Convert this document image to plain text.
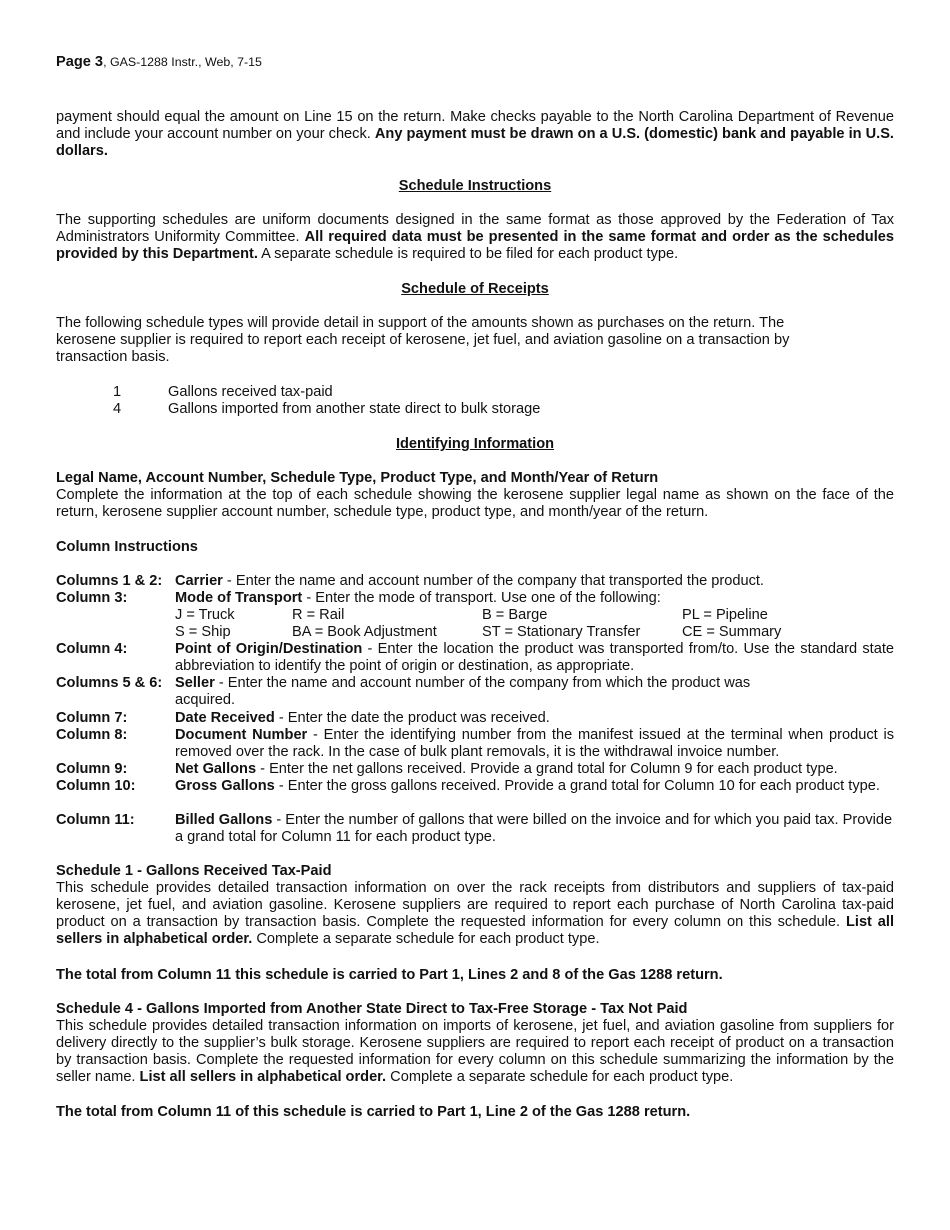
Page 3, GAS-1288 Instr., Web, 7-15
payment should equal the amount on Line 15 on the return. Make checks payable to the North Carolina Department of Revenue and include your account number on your check. Any payment must be drawn on a U.S. (domestic) bank and payable in U.S. dollars.
Schedule Instructions
The supporting schedules are uniform documents designed in the same format as those approved by the Federation of Tax Administrators Uniformity Committee. All required data must be presented in the same format and order as the schedules provided by this Department. A separate schedule is required to be filed for each product type.
Schedule of Receipts
The following schedule types will provide detail in support of the amounts shown as purchases on the return. The kerosene supplier is required to report each receipt of kerosene, jet fuel, and aviation gasoline on a transaction by transaction basis.
1	Gallons received tax-paid
4	Gallons imported from another state direct to bulk storage
Identifying Information
Legal Name, Account Number, Schedule Type, Product Type, and Month/Year of Return
Complete the information at the top of each schedule showing the kerosene supplier legal name as shown on the face of the return, kerosene supplier account number, schedule type, product type, and month/year of the return.
Column Instructions
Columns 1 & 2: Carrier - Enter the name and account number of the company that transported the product.
Column 3:	Mode of Transport - Enter the mode of transport. Use one of the following:
J = Truck	R = Rail	B = Barge	PL = Pipeline
S = Ship	BA = Book Adjustment	ST = Stationary Transfer	CE = Summary
Column 4:	Point of Origin/Destination - Enter the location the product was transported from/to. Use the standard state abbreviation to identify the point of origin or destination, as appropriate.
Columns 5 & 6: Seller - Enter the name and account number of the company from which the product was acquired.
Column 7:	Date Received - Enter the date the product was received.
Column 8:	Document Number - Enter the identifying number from the manifest issued at the terminal when product is removed over the rack. In the case of bulk plant removals, it is the withdrawal invoice number.
Column 9:	Net Gallons - Enter the net gallons received. Provide a grand total for Column 9 for each product type.
Column 10:	Gross Gallons - Enter the gross gallons received. Provide a grand total for Column 10 for each product type.
Column 11:	Billed Gallons - Enter the number of gallons that were billed on the invoice and for which you paid tax. Provide a grand total for Column 11 for each product type.
Schedule 1 - Gallons Received Tax-Paid
This schedule provides detailed transaction information on over the rack receipts from distributors and suppliers of tax-paid kerosene, jet fuel, and aviation gasoline. Kerosene suppliers are required to report each purchase of North Carolina tax-paid product on a transaction by transaction basis. Complete the requested information for every column on this schedule. List all sellers in alphabetical order. Complete a separate schedule for each product type.
The total from Column 11 this schedule is carried to Part 1, Lines 2 and 8 of the Gas 1288 return.
Schedule 4 - Gallons Imported from Another State Direct to Tax-Free Storage - Tax Not Paid
This schedule provides detailed transaction information on imports of kerosene, jet fuel, and aviation gasoline from suppliers for delivery directly to the supplier’s bulk storage. Kerosene suppliers are required to report each receipt of product on a transaction by transaction basis. Complete the requested information for every column on this schedule summarizing the information by the seller name. List all sellers in alphabetical order. Complete a separate schedule for each product type.
The total from Column 11 of this schedule is carried to Part 1, Line 2 of the Gas 1288 return.
